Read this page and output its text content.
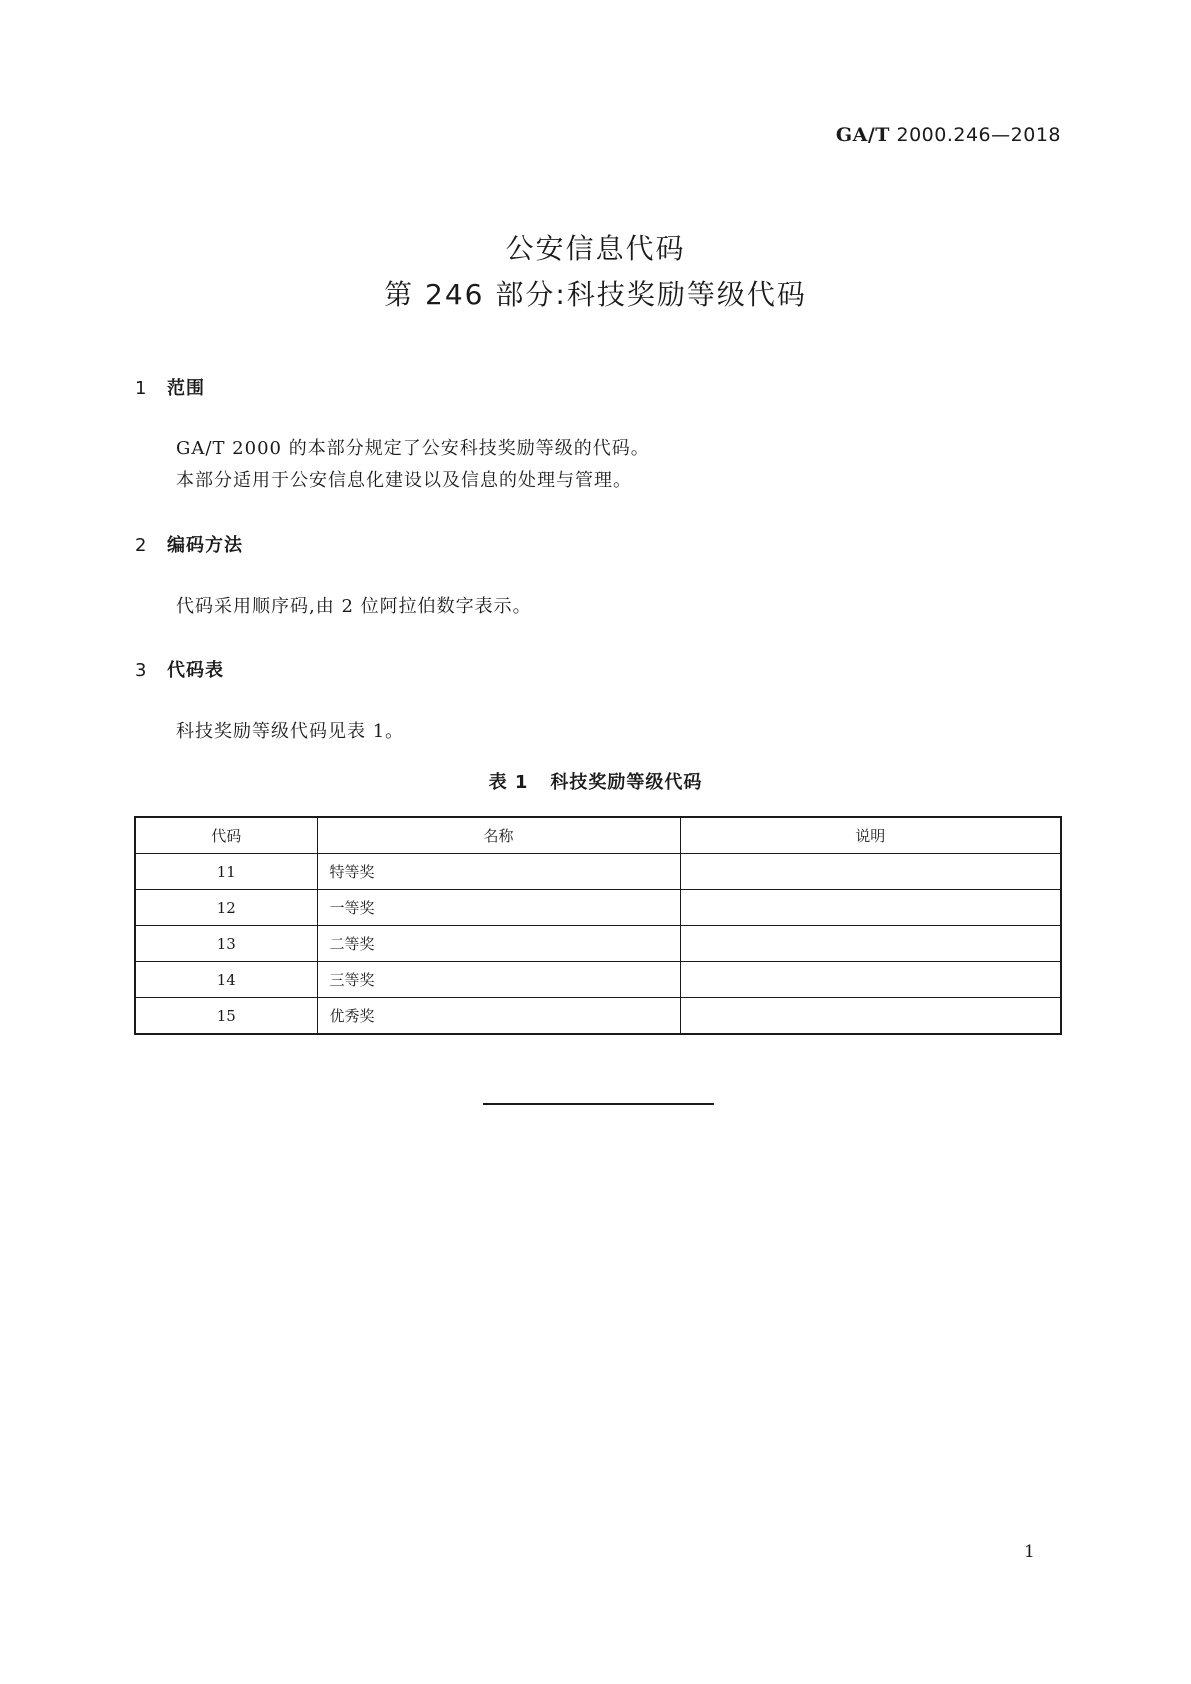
GA/T 2000.246—2018

公安信息代码

第 246 部分:科技奖励等级代码

1 范围

GA/T 2000 的本部分规定了公安科技奖励等级的代码。

本部分适用于公安信息化建设以及信息的处理与管理。

2 编码方法

代码采用顺序码,由 2 位阿拉伯数字表示。

3 代码表

科技奖励等级代码见表 1。

表 1 科技奖励等级代码

代码	名称	说明
11	特等奖	
12	一等奖	
13	二等奖	
14	三等奖	
15	优秀奖	

1
